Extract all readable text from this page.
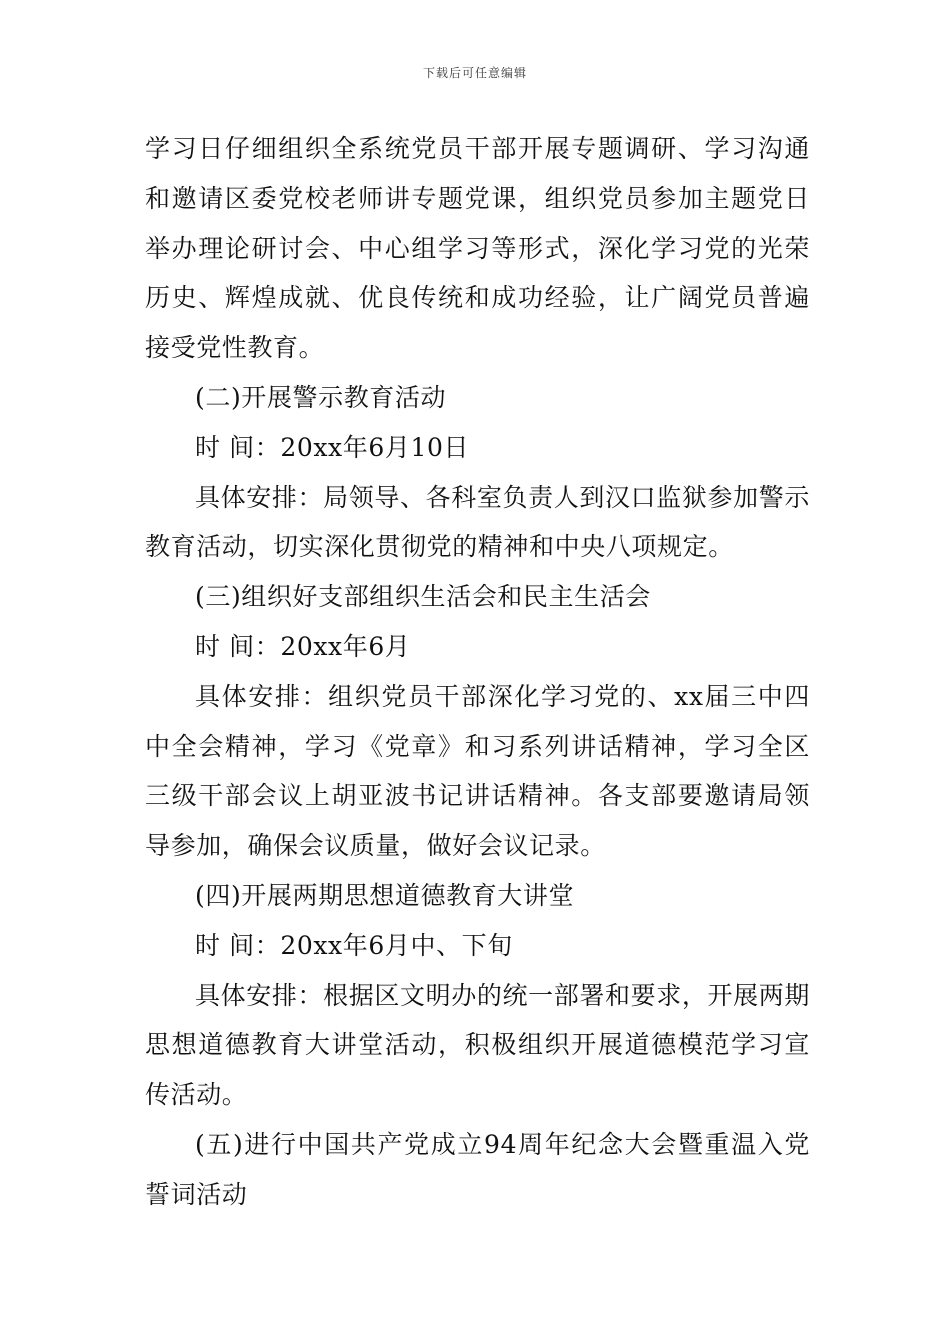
下载后可任意编辑

学习日仔细组织全系统党员干部开展专题调研、学习沟通和邀请区委党校老师讲专题党课，组织党员参加主题党日举办理论研讨会、中心组学习等形式，深化学习党的光荣历史、辉煌成就、优良传统和成功经验，让广阔党员普遍接受党性教育。

(二)开展警示教育活动

时 间：20xx年6月10日

具体安排：局领导、各科室负责人到汉口监狱参加警示教育活动，切实深化贯彻党的精神和中央八项规定。

(三)组织好支部组织生活会和民主生活会

时 间：20xx年6月

具体安排：组织党员干部深化学习党的、xx届三中四中全会精神，学习《党章》和习系列讲话精神，学习全区三级干部会议上胡亚波书记讲话精神。各支部要邀请局领导参加，确保会议质量，做好会议记录。

(四)开展两期思想道德教育大讲堂

时 间：20xx年6月中、下旬

具体安排：根据区文明办的统一部署和要求，开展两期思想道德教育大讲堂活动，积极组织开展道德模范学习宣传活动。

(五)进行中国共产党成立94周年纪念大会暨重温入党誓词活动
